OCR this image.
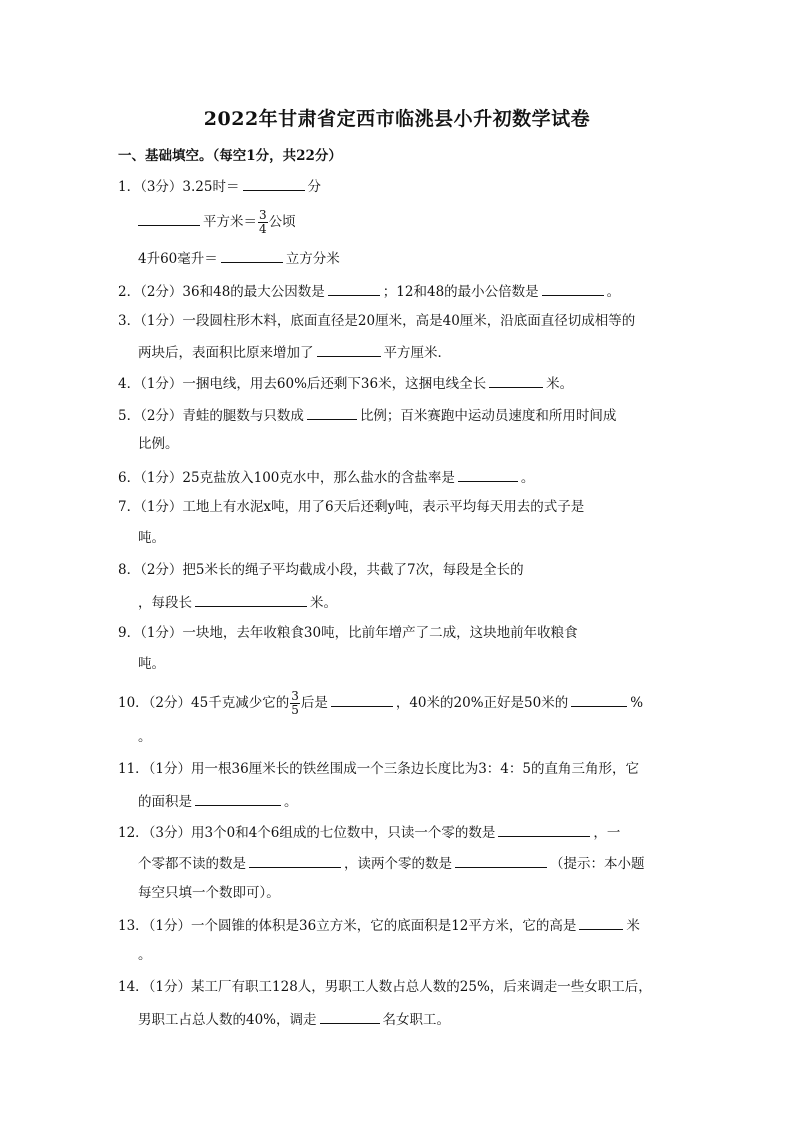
2022年甘肃省定西市临洮县小升初数学试卷
一、基础填空。（每空1分，共22分）
1．（3分）3.25时＝	分
平方米＝ $\frac{3}{4}$ 公顷
4升60毫升＝	立方分米
2．（2分）36和48的最大公因数是	；12和48的最小公倍数是	。
3．（1分）一段圆柱形木料，底面直径是20厘米，高是40厘米，沿底面直径切成相等的
两块后，表面积比原来增加了	平方厘米．
4．（1分）一捆电线，用去60%后还剩下36米，这捆电线全长	米。
5．（2分）青蛙的腿数与只数成	比例；百米赛跑中运动员速度和所用时间成
比例。
6．（1分）25克盐放入100克水中，那么盐水的含盐率是	。
7．（1分）工地上有水泥x吨，用了6天后还剩y吨，表示平均每天用去的式子是
吨。
8．（2分）把5米长的绳子平均截成小段，共截了7次，每段是全长的
，每段长	米。
9．（1分）一块地，去年收粮食30吨，比前年增产了二成，这块地前年收粮食
吨。
10．（2分）45千克减少它的 $\frac{3}{5}$ 后是	，40米的20%正好是50米的	%
。
11．（1分）用一根36厘米长的铁丝围成一个三条边长度比为3：4：5的直角三角形，它
的面积是	。
12．（3分）用3个0和4个6组成的七位数中，只读一个零的数是	，一
个零都不读的数是	，读两个零的数是	（提示：本小题
每空只填一个数即可）。
13．（1分）一个圆锥的体积是36立方米，它的底面积是12平方米，它的高是	米
。
14．（1分）某工厂有职工128人，男职工人数占总人数的25%，后来调走一些女职工后，
男职工占总人数的40%，调走	名女职工。
